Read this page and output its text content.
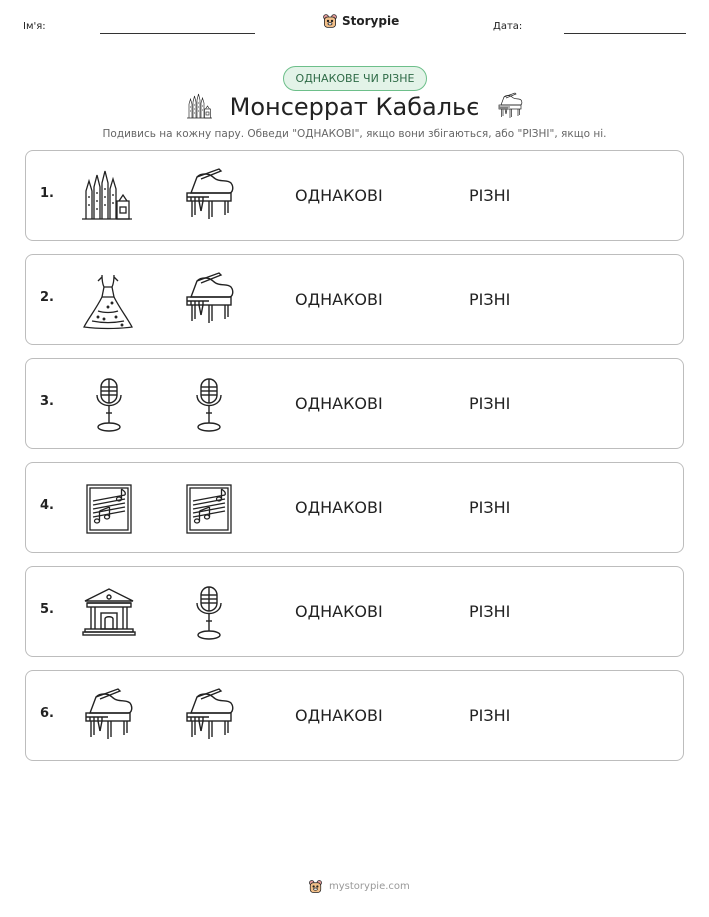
Ім'я:	Storypie	Дата:
ОДНАКОВЕ ЧИ РІЗНЕ
Монсеррат Кабальє
Подивись на кожну пару. Обведи "ОДНАКОВІ", якщо вони збігаються, або "РІЗНІ", якщо ні.
1.	ОДНАКОВІ	РІЗНІ
2.	ОДНАКОВІ	РІЗНІ
3.	ОДНАКОВІ	РІЗНІ
4.	ОДНАКОВІ	РІЗНІ
5.	ОДНАКОВІ	РІЗНІ
6.	ОДНАКОВІ	РІЗНІ
mystorypie.com
